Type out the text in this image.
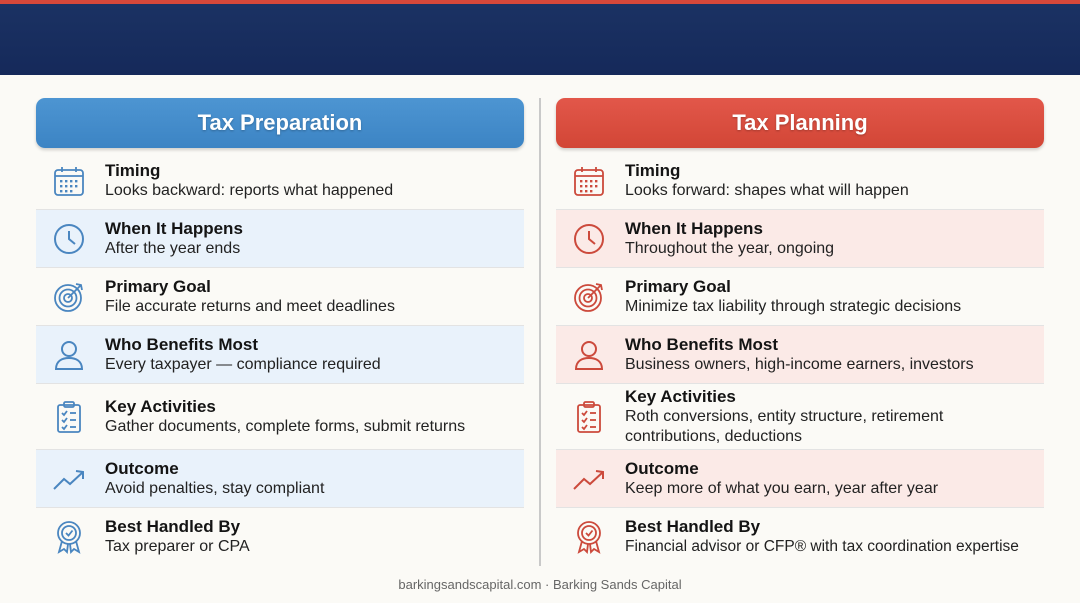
Tax Preparation
Timing
Looks backward: reports what happened
When It Happens
After the year ends
Primary Goal
File accurate returns and meet deadlines
Who Benefits Most
Every taxpayer — compliance required
Key Activities
Gather documents, complete forms, submit returns
Outcome
Avoid penalties, stay compliant
Best Handled By
Tax preparer or CPA
Tax Planning
Timing
Looks forward: shapes what will happen
When It Happens
Throughout the year, ongoing
Primary Goal
Minimize tax liability through strategic decisions
Who Benefits Most
Business owners, high-income earners, investors
Key Activities
Roth conversions, entity structure, retirement contributions, deductions
Outcome
Keep more of what you earn, year after year
Best Handled By
Financial advisor or CFP® with tax coordination expertise
barkingsandscapital.com · Barking Sands Capital
